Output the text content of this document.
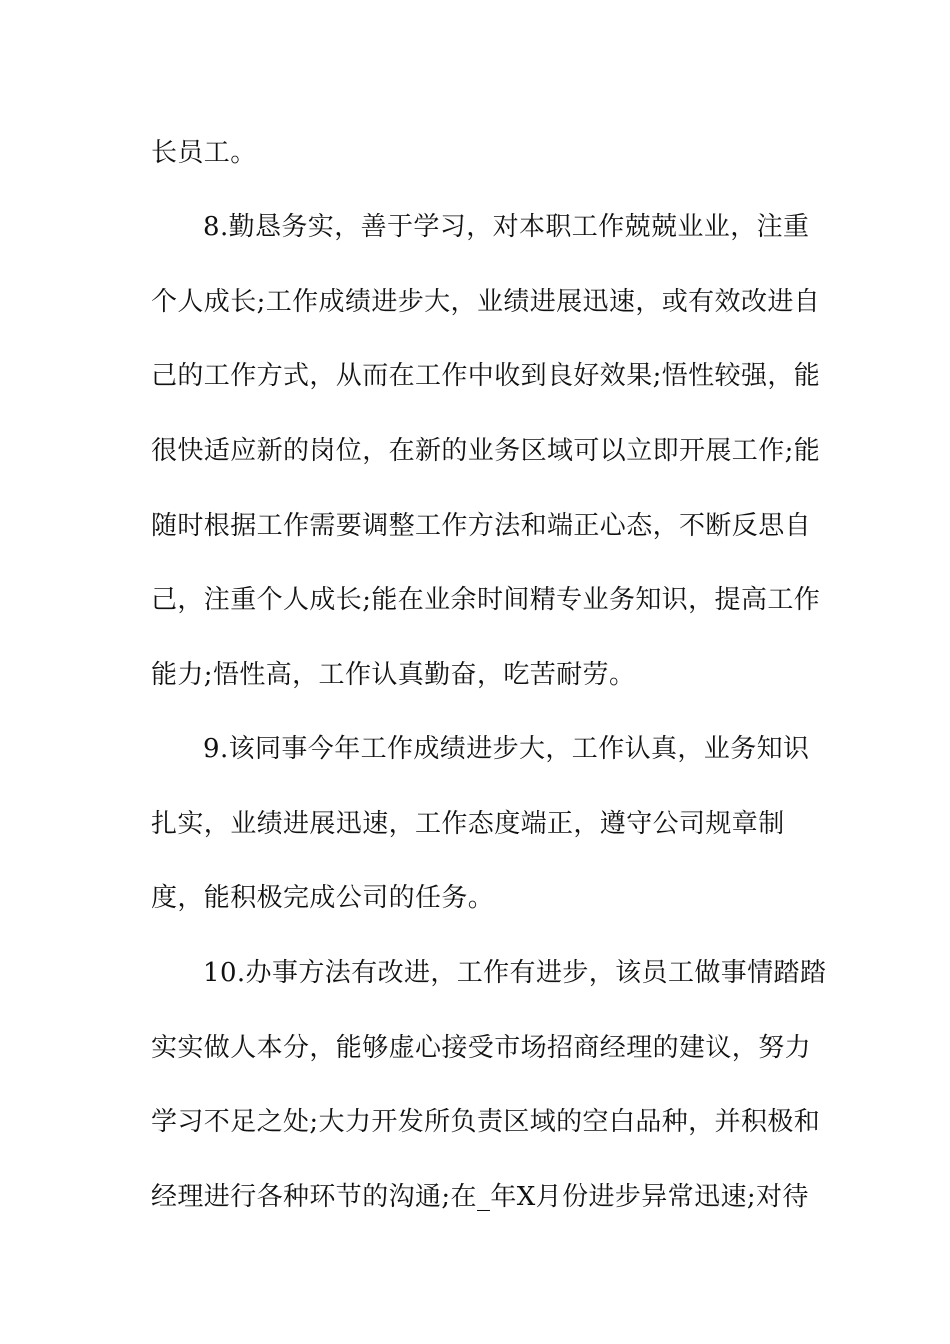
长员工。
8.勤恳务实，善于学习，对本职工作兢兢业业，注重
个人成长;工作成绩进步大，业绩进展迅速，或有效改进自
己的工作方式，从而在工作中收到良好效果;悟性较强，能
很快适应新的岗位，在新的业务区域可以立即开展工作;能
随时根据工作需要调整工作方法和端正心态，不断反思自
己，注重个人成长;能在业余时间精专业务知识，提高工作
能力;悟性高，工作认真勤奋，吃苦耐劳。
9.该同事今年工作成绩进步大，工作认真，业务知识
扎实，业绩进展迅速，工作态度端正，遵守公司规章制
度，能积极完成公司的任务。
10.办事方法有改进，工作有进步，该员工做事情踏踏
实实做人本分，能够虚心接受市场招商经理的建议，努力
学习不足之处;大力开发所负责区域的空白品种，并积极和
经理进行各种环节的沟通;在_年X月份进步异常迅速;对待
